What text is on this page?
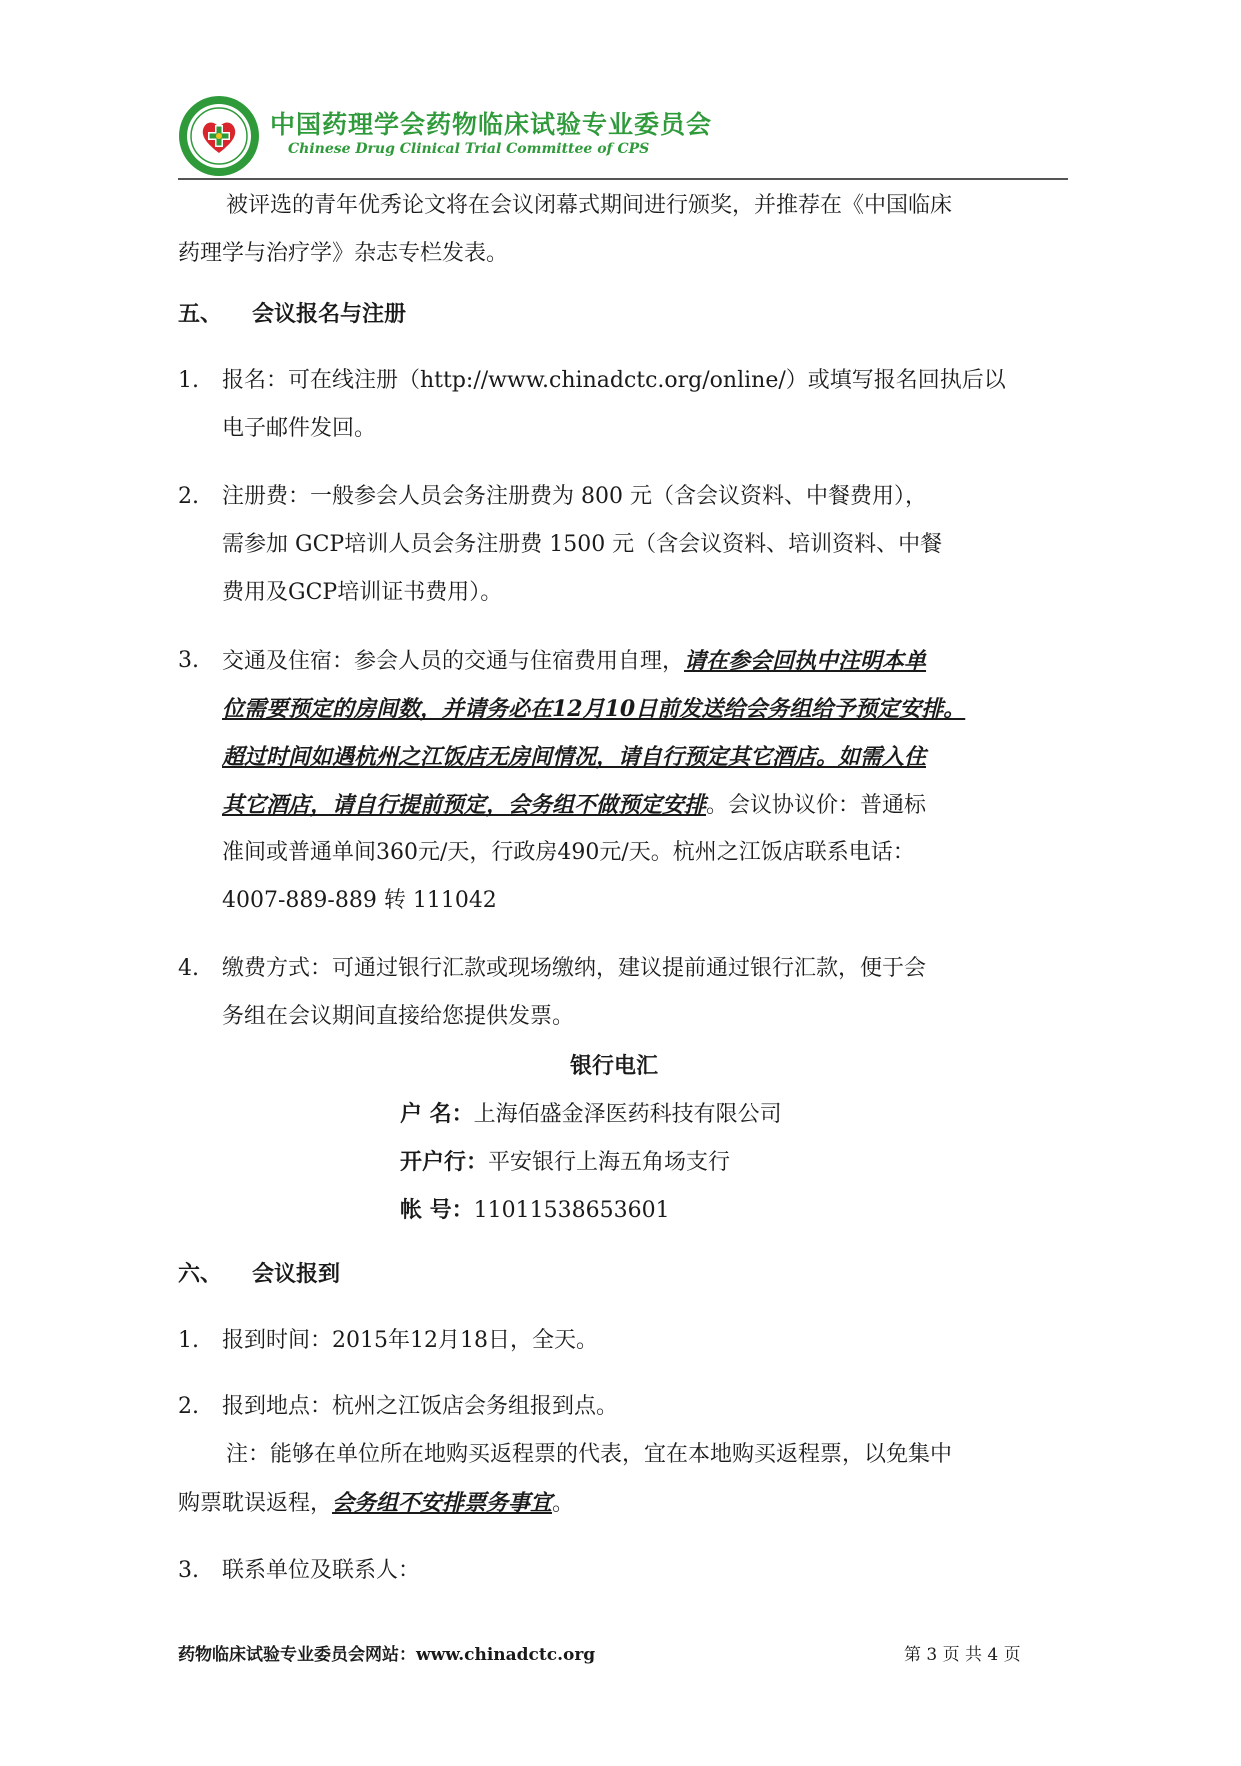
中国药理学会药物临床试验专业委员会
Chinese Drug Clinical Trial Committee of CPS
被评选的青年优秀论文将在会议闭幕式期间进行颁奖，并推荐在《中国临床
药理学与治疗学》杂志专栏发表。
五、 会议报名与注册
1. 报名：可在线注册（http://www.chinadctc.org/online/）或填写报名回执后以
电子邮件发回。
2. 注册费：一般参会人员会务注册费为 800 元（含会议资料、中餐费用），
需参加 GCP培训人员会务注册费 1500 元（含会议资料、培训资料、中餐
费用及GCP培训证书费用）。
3. 交通及住宿：参会人员的交通与住宿费用自理，请在参会回执中注明本单
位需要预定的房间数，并请务必在12月10日前发送给会务组给予预定安排。
超过时间如遇杭州之江饭店无房间情况，请自行预定其它酒店。如需入住
其它酒店，请自行提前预定，会务组不做预定安排。会议协议价：普通标
准间或普通单间360元/天，行政房490元/天。杭州之江饭店联系电话：
4007-889-889 转 111042
4. 缴费方式：可通过银行汇款或现场缴纳，建议提前通过银行汇款，便于会
务组在会议期间直接给您提供发票。
银行电汇
户 名：上海佰盛金泽医药科技有限公司
开户行：平安银行上海五角场支行
帐 号：11011538653601
六、 会议报到
1. 报到时间：2015年12月18日，全天。
2. 报到地点：杭州之江饭店会务组报到点。
注：能够在单位所在地购买返程票的代表，宜在本地购买返程票，以免集中
购票耽误返程，会务组不安排票务事宜。
3. 联系单位及联系人：
药物临床试验专业委员会网站：www.chinadctc.org	第 3 页 共 4 页
